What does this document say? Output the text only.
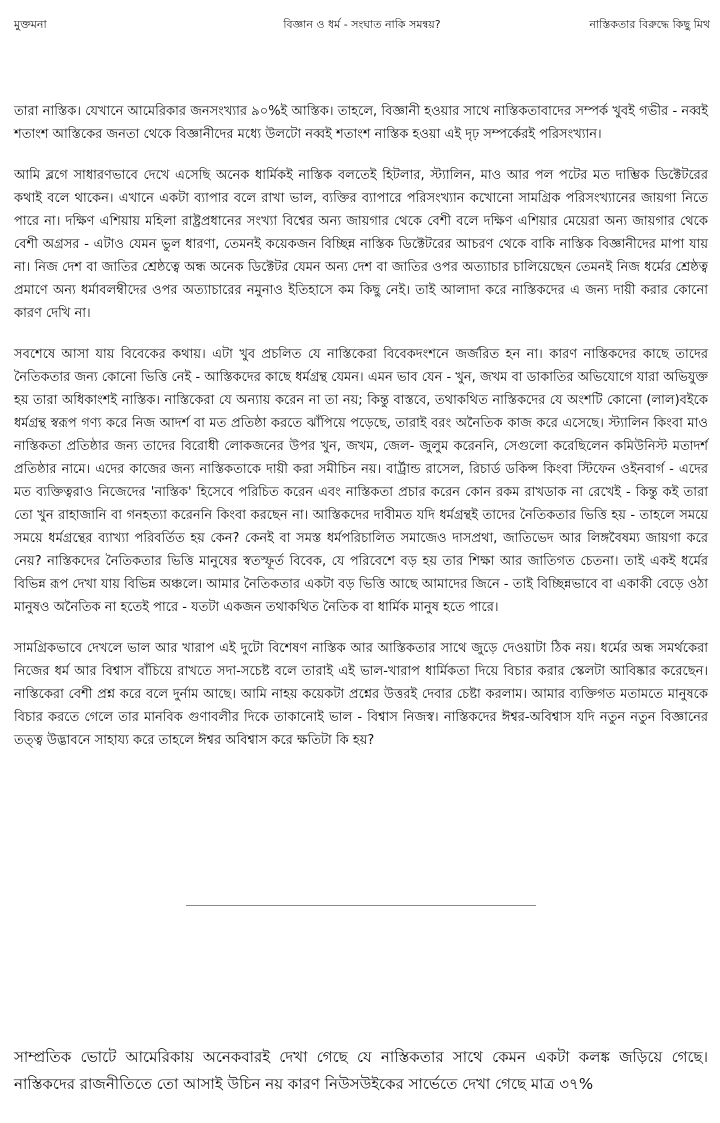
মুক্তমনা	বিজ্ঞান ও ধর্ম - সংঘাত নাকি সমন্বয়?	নাস্তিকতার বিরুদ্ধে কিছু মিথ

তারা নাস্তিক। যেখানে আমেরিকার জনসংখ্যার ৯০%ই আস্তিক। তাহলে, বিজ্ঞানী হওয়ার সাথে নাস্তিকতাবাদের সম্পর্ক খুবই গভীর - নব্বই শতাংশ আস্তিকের জনতা থেকে বিজ্ঞানীদের মধ্যে উলটো নব্বই শতাংশ নাস্তিক হওয়া এই দৃঢ় সম্পর্কেরই পরিসংখ্যান।

আমি ব্লগে সাধারণভাবে দেখে এসেছি অনেক ধার্মিকই নাস্তিক বলতেই হিটলার, স্ট্যালিন, মাও আর পল পটের মত দাম্ভিক ডিক্টেটরের কথাই বলে থাকেন। এখানে একটা ব্যাপার বলে রাখা ভাল, ব্যক্তির ব্যাপারে পরিসংখ্যান কখোনো সামগ্রিক পরিসংখ্যানের জায়গা নিতে পারে না। দক্ষিণ এশিয়ায় মহিলা রাষ্ট্রপ্রধানের সংখ্যা বিশ্বের অন্য জায়গার থেকে বেশী বলে দক্ষিণ এশিয়ার মেয়েরা অন্য জায়গার থেকে বেশী অগ্রসর - এটাও যেমন ভুল ধারণা, তেমনই কয়েকজন বিচ্ছিন্ন নাস্তিক ডিক্টেটরের আচরণ থেকে বাকি নাস্তিক বিজ্ঞানীদের মাপা যায় না। নিজ দেশ বা জাতির শ্রেষ্ঠত্বে অন্ধ অনেক ডিক্টেটর যেমন অন্য দেশ বা জাতির ওপর অত্যাচার চালিয়েছেন তেমনই নিজ ধর্মের শ্রেষ্ঠত্ব প্রমাণে অন্য ধর্মাবলম্বীদের ওপর অত্যাচারের নমুনাও ইতিহাসে কম কিছু নেই। তাই আলাদা করে নাস্তিকদের এ জন্য দায়ী করার কোনো কারণ দেখি না।

সবশেষে আসা যায় বিবেকের কথায়। এটা খুব প্রচলিত যে নাস্তিকেরা বিবেকদংশনে জর্জরিত হন না। কারণ নাস্তিকদের কাছে তাদের নৈতিকতার জন্য কোনো ভিত্তি নেই - আস্তিকদের কাছে ধর্মগ্রন্থ যেমন। এমন ভাব যেন - খুন, জখম বা ডাকাতির অভিযোগে যারা অভিযুক্ত হয় তারা অধিকাংশই নাস্তিক। নাস্তিকেরা যে অন্যায় করেন না তা নয়; কিন্তু বাস্তবে, তথাকথিত নাস্তিকদের যে অংশটি কোনো (লাল)বইকে ধর্মগ্রন্থ স্বরূপ গণ্য করে নিজ আদর্শ বা মত প্রতিষ্ঠা করতে ঝাঁপিয়ে পড়েছে, তারাই বরং অনৈতিক কাজ করে এসেছে। স্ট্যালিন কিংবা মাও নাস্তিকতা প্রতিষ্ঠার জন্য তাদের বিরোধী লোকজনের উপর খুন, জখম, জেল- জুলুম করেননি, সেগুলো করেছিলেন কমিউনিস্ট মতাদর্শ প্রতিষ্ঠার নামে। এদের কাজের জন্য নাস্তিকতাকে দায়ী করা সমীচিন নয়। বার্ট্রান্ড রাসেল, রিচার্ড ডকিন্স কিংবা স্টিফেন ওইনবার্গ - এদের মত ব্যক্তিত্বরাও নিজেদের 'নাস্তিক' হিসেবে পরিচিত করেন এবং নাস্তিকতা প্রচার করেন কোন রকম রাখডাক না রেখেই - কিন্তু কই তারা তো খুন রাহাজানি বা গনহত্যা করেননি কিংবা করছেন না। আস্তিকদের দাবীমত যদি ধর্মগ্রন্থই তাদের নৈতিকতার ভিত্তি হয় - তাহলে সময়ে সময়ে ধর্মগ্রন্থের ব্যাখ্যা পরিবর্তিত হয় কেন? কেনই বা সমস্ত ধর্মপরিচালিত সমাজেও দাসপ্রথা, জাতিভেদ আর লিঙ্গবৈষম্য জায়গা করে নেয়? নাস্তিকদের নৈতিকতার ভিত্তি মানুষের স্বতস্ফূর্ত বিবেক, যে পরিবেশে বড় হয় তার শিক্ষা আর জাতিগত চেতনা। তাই একই ধর্মের বিভিন্ন রূপ দেখা যায় বিভিন্ন অঞ্চলে। আমার নৈতিকতার একটা বড় ভিত্তি আছে আমাদের জিনে - তাই বিচ্ছিন্নভাবে বা একাকী বেড়ে ওঠা মানুষও অনৈতিক না হতেই পারে - যতটা একজন তথাকথিত নৈতিক বা ধার্মিক মানুষ হতে পারে।

সামগ্রিকভাবে দেখলে ভাল আর খারাপ এই দুটো বিশেষণ নাস্তিক আর আস্তিকতার সাথে জুড়ে দেওয়াটা ঠিক নয়। ধর্মের অন্ধ সমর্থকেরা নিজের ধর্ম আর বিশ্বাস বাঁচিয়ে রাখতে সদা-সচেষ্ট বলে তারাই এই ভাল-খারাপ ধার্মিকতা দিয়ে বিচার করার স্কেলটা আবিষ্কার করেছেন। নাস্তিকেরা বেশী প্রশ্ন করে বলে দুর্নাম আছে। আমি নাহয় কয়েকটা প্রশ্নের উত্তরই দেবার চেষ্টা করলাম। আমার ব্যক্তিগত মতামতে মানুষকে বিচার করতে গেলে তার মানবিক গুণাবলীর দিকে তাকানোই ভাল - বিশ্বাস নিজস্ব। নাস্তিকদের ঈশ্বর-অবিশ্বাস যদি নতুন নতুন বিজ্ঞানের তত্ত্ব উদ্ভাবনে সাহায্য করে তাহলে ঈশ্বর অবিশ্বাস করে ক্ষতিটা কি হয়?

সাম্প্রতিক ভোটে আমেরিকায় অনেকবারই দেখা গেছে যে নাস্তিকতার সাথে কেমন একটা কলঙ্ক জড়িয়ে গেছে। নাস্তিকদের রাজনীতিতে তো আসাই উচিন নয় কারণ নিউসউইকের সার্ভেতে দেখা গেছে মাত্র ৩৭%
